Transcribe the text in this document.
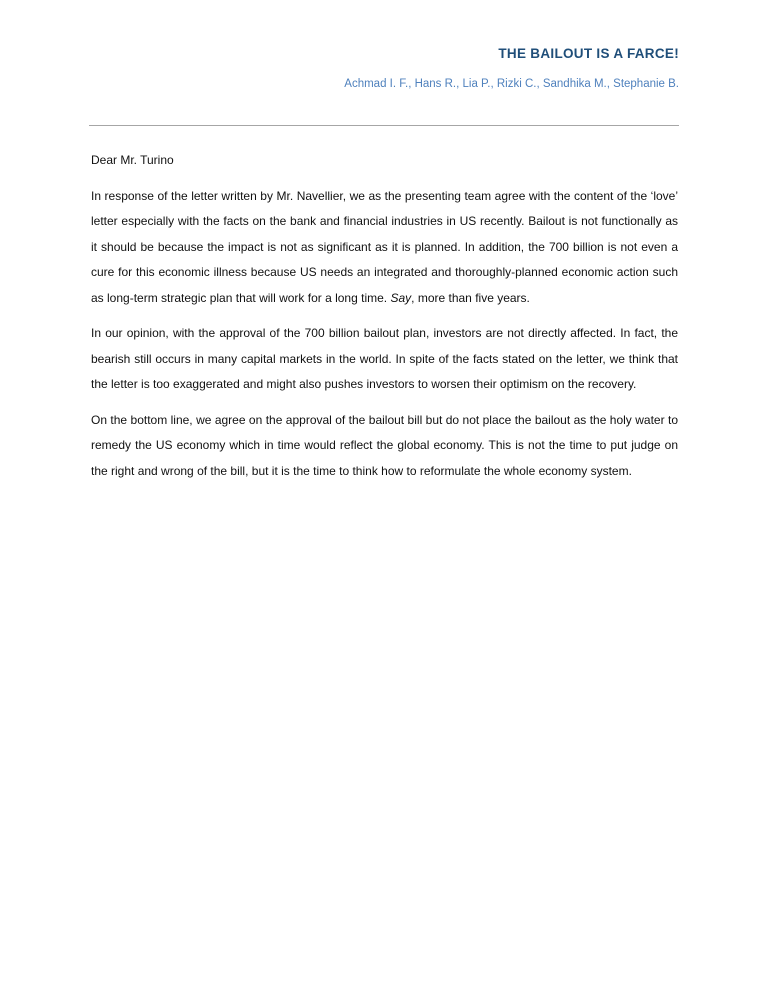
THE BAILOUT IS A FARCE!
Achmad I. F., Hans R., Lia P., Rizki C., Sandhika M., Stephanie B.

Dear Mr. Turino

In response of the letter written by Mr. Navellier, we as the presenting team agree with the content of the ‘love’ letter especially with the facts on the bank and financial industries in US recently. Bailout is not functionally as it should be because the impact is not as significant as it is planned. In addition, the 700 billion is not even a cure for this economic illness because US needs an integrated and thoroughly-planned economic action such as long-term strategic plan that will work for a long time. Say, more than five years.

In our opinion, with the approval of the 700 billion bailout plan, investors are not directly affected. In fact, the bearish still occurs in many capital markets in the world. In spite of the facts stated on the letter, we think that the letter is too exaggerated and might also pushes investors to worsen their optimism on the recovery.

On the bottom line, we agree on the approval of the bailout bill but do not place the bailout as the holy water to remedy the US economy which in time would reflect the global economy. This is not the time to put judge on the right and wrong of the bill, but it is the time to think how to reformulate the whole economy system.
